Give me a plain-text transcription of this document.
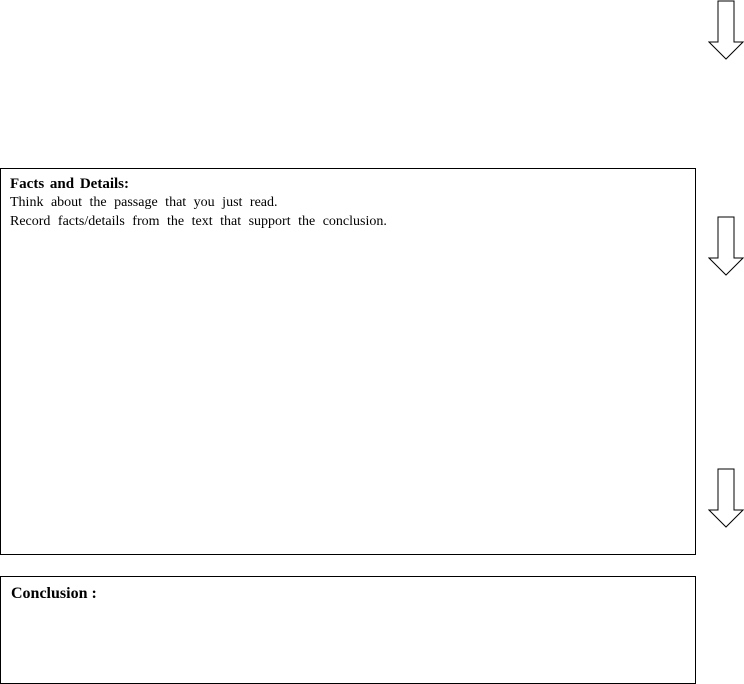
Facts and Details:
Think about the passage that you just read.
Record facts/details from the text that support the conclusion.
Conclusion :
